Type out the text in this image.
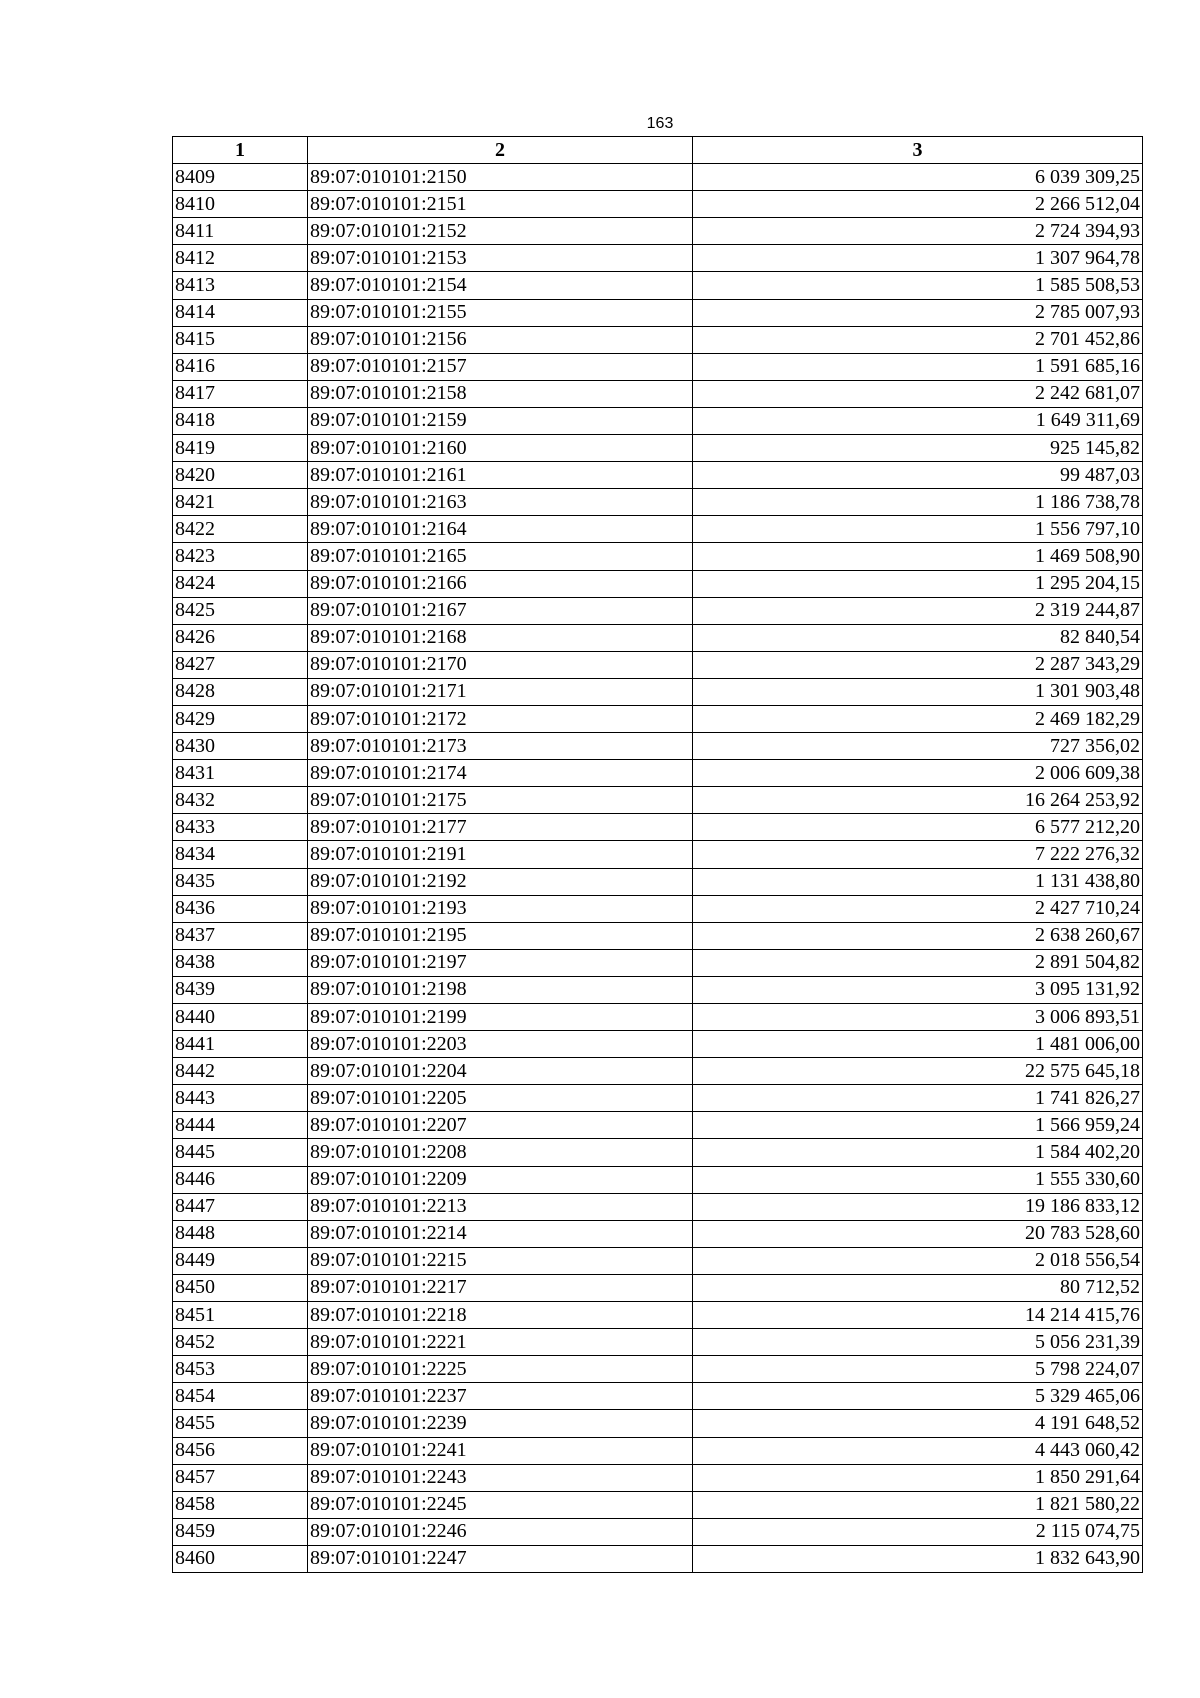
163
1	2	3
8409	89:07:010101:2150	6 039 309,25
8410	89:07:010101:2151	2 266 512,04
8411	89:07:010101:2152	2 724 394,93
8412	89:07:010101:2153	1 307 964,78
8413	89:07:010101:2154	1 585 508,53
8414	89:07:010101:2155	2 785 007,93
8415	89:07:010101:2156	2 701 452,86
8416	89:07:010101:2157	1 591 685,16
8417	89:07:010101:2158	2 242 681,07
8418	89:07:010101:2159	1 649 311,69
8419	89:07:010101:2160	925 145,82
8420	89:07:010101:2161	99 487,03
8421	89:07:010101:2163	1 186 738,78
8422	89:07:010101:2164	1 556 797,10
8423	89:07:010101:2165	1 469 508,90
8424	89:07:010101:2166	1 295 204,15
8425	89:07:010101:2167	2 319 244,87
8426	89:07:010101:2168	82 840,54
8427	89:07:010101:2170	2 287 343,29
8428	89:07:010101:2171	1 301 903,48
8429	89:07:010101:2172	2 469 182,29
8430	89:07:010101:2173	727 356,02
8431	89:07:010101:2174	2 006 609,38
8432	89:07:010101:2175	16 264 253,92
8433	89:07:010101:2177	6 577 212,20
8434	89:07:010101:2191	7 222 276,32
8435	89:07:010101:2192	1 131 438,80
8436	89:07:010101:2193	2 427 710,24
8437	89:07:010101:2195	2 638 260,67
8438	89:07:010101:2197	2 891 504,82
8439	89:07:010101:2198	3 095 131,92
8440	89:07:010101:2199	3 006 893,51
8441	89:07:010101:2203	1 481 006,00
8442	89:07:010101:2204	22 575 645,18
8443	89:07:010101:2205	1 741 826,27
8444	89:07:010101:2207	1 566 959,24
8445	89:07:010101:2208	1 584 402,20
8446	89:07:010101:2209	1 555 330,60
8447	89:07:010101:2213	19 186 833,12
8448	89:07:010101:2214	20 783 528,60
8449	89:07:010101:2215	2 018 556,54
8450	89:07:010101:2217	80 712,52
8451	89:07:010101:2218	14 214 415,76
8452	89:07:010101:2221	5 056 231,39
8453	89:07:010101:2225	5 798 224,07
8454	89:07:010101:2237	5 329 465,06
8455	89:07:010101:2239	4 191 648,52
8456	89:07:010101:2241	4 443 060,42
8457	89:07:010101:2243	1 850 291,64
8458	89:07:010101:2245	1 821 580,22
8459	89:07:010101:2246	2 115 074,75
8460	89:07:010101:2247	1 832 643,90
